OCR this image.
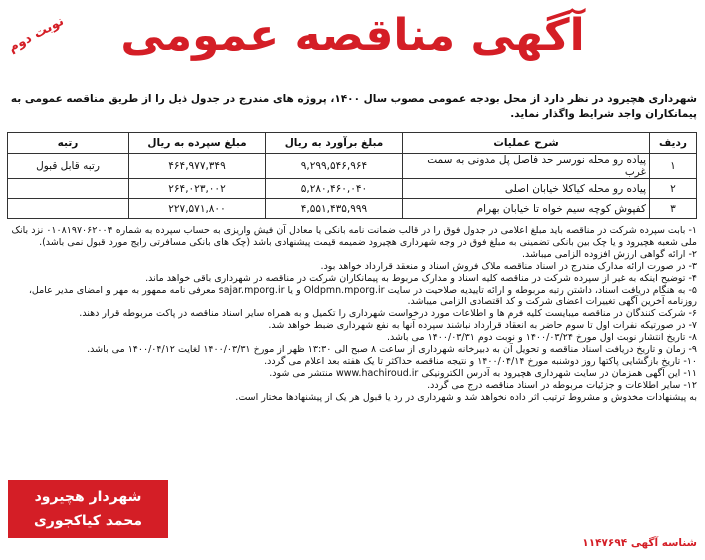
نوبت دوم	آگهی مناقصه عمومی
شهرداری هچیرود در نظر دارد از محل بودجه عمومی مصوب سال ۱۴۰۰، پروژه های مندرج در جدول ذیل را از طریق مناقصه عمومی به پیمانکاران واجد شرایط واگذار نماید.
ردیف	شرح عملیات	مبلغ برآورد به ریال	مبلغ سپرده به ریال	رتبه
۱	پیاده رو محله نورسر حد فاصل پل مدونی به سمت غرب	۹,۲۹۹,۵۴۶,۹۶۴	۴۶۴,۹۷۷,۳۴۹	رتبه قابل قبول
۲	پیاده رو محله کیاکلا خیابان اصلی	۵,۲۸۰,۴۶۰,۰۴۰	۲۶۴,۰۲۳,۰۰۲	
۳	کفپوش کوچه سیم خواه تا خیابان بهرام	۴,۵۵۱,۴۳۵,۹۹۹	۲۲۷,۵۷۱,۸۰۰	

۱- بابت سپرده شرکت در مناقصه باید مبلغ اعلامی در جدول فوق را در قالب ضمانت نامه بانکی یا معادل آن فیش واریزی به حساب سپرده به شماره ۰۱۰۸۱۹۷۰۶۲۰۰۴ نزد بانک ملی شعبه هچیرود و یا چک بین بانکی تضمینی به مبلغ فوق در وجه شهرداری هچیرود ضمیمه قیمت پیشنهادی باشد (چک های بانکی مسافرتی رایج مورد قبول نمی باشد).

۲- ارائه گواهی ارزش افزوده الزامی میباشد.

۳- در صورت ارائه مدارک مندرج در اسناد مناقصه ملاک فروش اسناد و منعقد قرارداد خواهد بود.

۴- توضیح اینکه به غیر از سپرده شرکت در مناقصه کلیه اسناد و مدارک مربوط به پیمانکاران شرکت در مناقصه در شهرداری باقی خواهد ماند.

۵- به هنگام دریافت اسناد، داشتن رتبه مربوطه و ارائه تاییدیه صلاحیت در سایت Oldpmn.mporg.ir و یا sajar.mporg.ir معرفی نامه ممهور به مهر و امضای مدیر عامل، روزنامه آخرین آگهی تغییرات اعضای شرکت و کد اقتصادی الزامی میباشد.

۶- شرکت کنندگان در مناقصه میبایست کلیه فرم ها و اطلاعات مورد درخواست شهرداری را تکمیل و به همراه سایر اسناد مناقصه در پاکت مربوطه قرار دهند.

۷- در صورتیکه نفرات اول تا سوم حاضر به انعقاد قرارداد نباشند سپرده آنها به نفع شهرداری ضبط خواهد شد.

۸- تاریخ انتشار نوبت اول مورخ ۱۴۰۰/۰۳/۲۴ و نوبت دوم ۱۴۰۰/۰۳/۳۱ می باشد.

۹- زمان و تاریخ دریافت اسناد مناقصه و تحویل آن به دبیرخانه شهرداری از ساعت ۸ صبح الی ۱۳:۳۰ ظهر از مورخ ۱۴۰۰/۰۳/۳۱ لغایت ۱۴۰۰/۰۴/۱۲ می باشد.

۱۰- تاریخ بازگشایی پاکتها روز دوشنبه مورخ ۱۴۰۰/۰۴/۱۴ و نتیجه مناقصه حداکثر تا یک هفته بعد اعلام می گردد.

۱۱- این آگهی همزمان در سایت شهرداری هچیرود به آدرس الکترونیکی www.hachiroud.ir منتشر می شود.

۱۲- سایر اطلاعات و جزئیات مربوطه در اسناد مناقصه درج می گردد.

به پیشنهادات مخدوش و مشروط ترتیب اثر داده نخواهد شد و شهرداری در رد یا قبول هر یک از پیشنهادها مختار است.

شهردار هچیرود
محمد کیاکجوری
شناسه آگهی ۱۱۴۷۶۹۴
